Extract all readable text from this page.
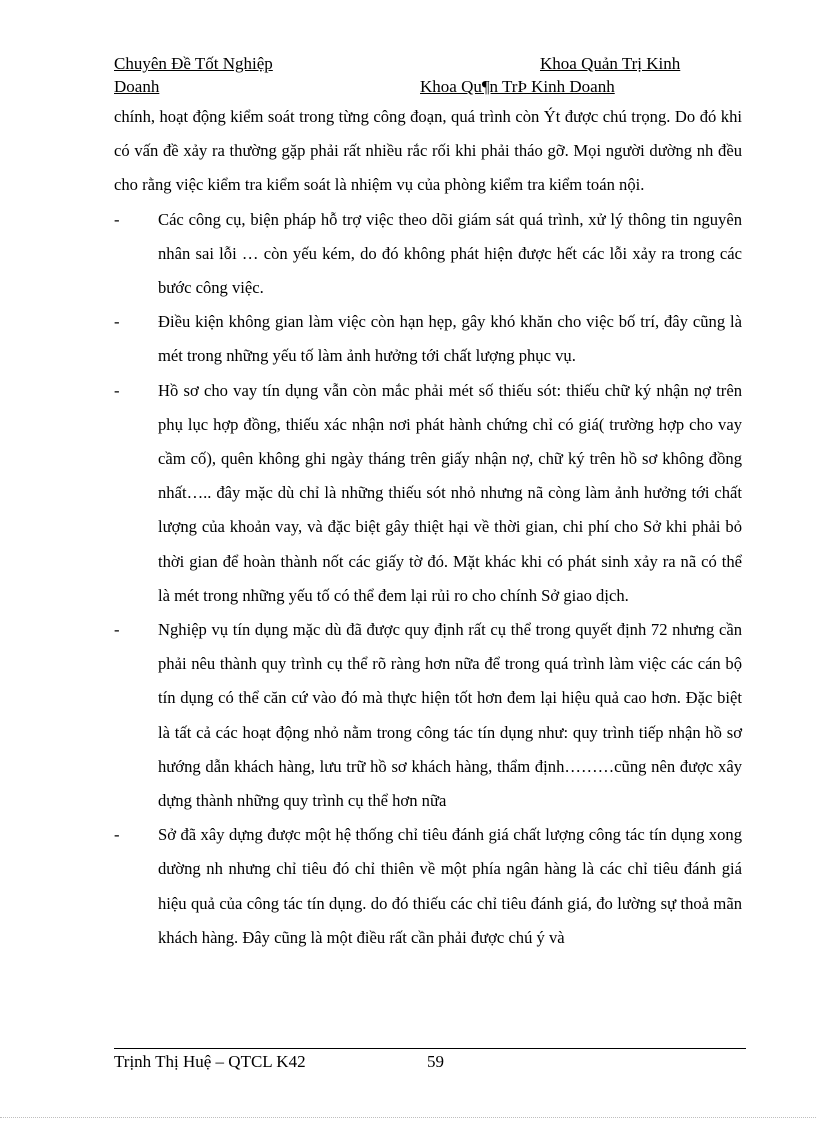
Chuyên Đề Tốt Nghiệp	Khoa Quản Trị Kinh
Doanh	Khoa Qu¶n TrÞ Kinh Doanh

chính, hoạt động kiểm soát trong từng công đoạn, quá trình còn Ýt được chú trọng. Do đó khi có vấn đề xảy ra thường gặp phải rất nhiều rắc rối khi phải tháo gỡ. Mọi người dường nh đều cho rằng việc kiểm tra kiểm soát là nhiệm vụ của phòng kiểm tra kiểm toán nội.

-	Các công cụ, biện pháp hỗ trợ việc theo dõi giám sát quá trình, xử lý thông tin nguyên nhân sai lỗi … còn yếu kém, do đó không phát hiện được hết các lỗi xảy ra trong các bước công việc.
-	Điều kiện không gian làm việc còn hạn hẹp, gây khó khăn cho việc bố trí, đây cũng là mét trong những yếu tố làm ảnh hưởng tới chất lượng phục vụ.
-	Hồ sơ cho vay tín dụng vẫn còn mắc phải mét số thiếu sót: thiếu chữ ký nhận nợ trên phụ lục hợp đồng, thiếu xác nhận nơi phát hành chứng chỉ có giá( trường hợp cho vay cầm cố), quên không ghi ngày tháng trên giấy nhận nợ, chữ ký trên hồ sơ không đồng nhất….. đây mặc dù chỉ là những thiếu sót nhỏ nhưng nã còng làm ảnh hưởng tới chất lượng của khoản vay, và đặc biệt gây thiệt hại về thời gian, chi phí cho Sở khi phải bỏ thời gian để hoàn thành nốt các giấy tờ đó. Mặt khác khi có phát sinh xảy ra nã có thể là mét trong những yếu tố có thể đem lại rủi ro cho chính Sở giao dịch.
-	Nghiệp vụ tín dụng mặc dù đã được quy định rất cụ thể trong quyết định 72 nhưng cần phải nêu thành quy trình cụ thể rõ ràng hơn nữa để trong quá trình làm việc các cán bộ tín dụng có thể căn cứ vào đó mà thực hiện tốt hơn đem lại hiệu quả cao hơn. Đặc biệt là tất cả các hoạt động nhỏ nằm trong công tác tín dụng như: quy trình tiếp nhận hồ sơ hướng dẫn khách hàng, lưu trữ hồ sơ khách hàng, thẩm định………cũng nên được xây dựng thành những quy trình cụ thể hơn nữa
-	Sở đã xây dựng được một hệ thống chỉ tiêu đánh giá chất lượng công tác tín dụng xong dường nh nhưng chỉ tiêu đó chỉ thiên về một phía ngân hàng là các chỉ tiêu đánh giá hiệu quả của công tác tín dụng. do đó thiếu các chỉ tiêu đánh giá, đo lường sự thoả mãn khách hàng. Đây cũng là một điều rất cần phải được chú ý và
Trịnh Thị Huệ – QTCL K42	59
